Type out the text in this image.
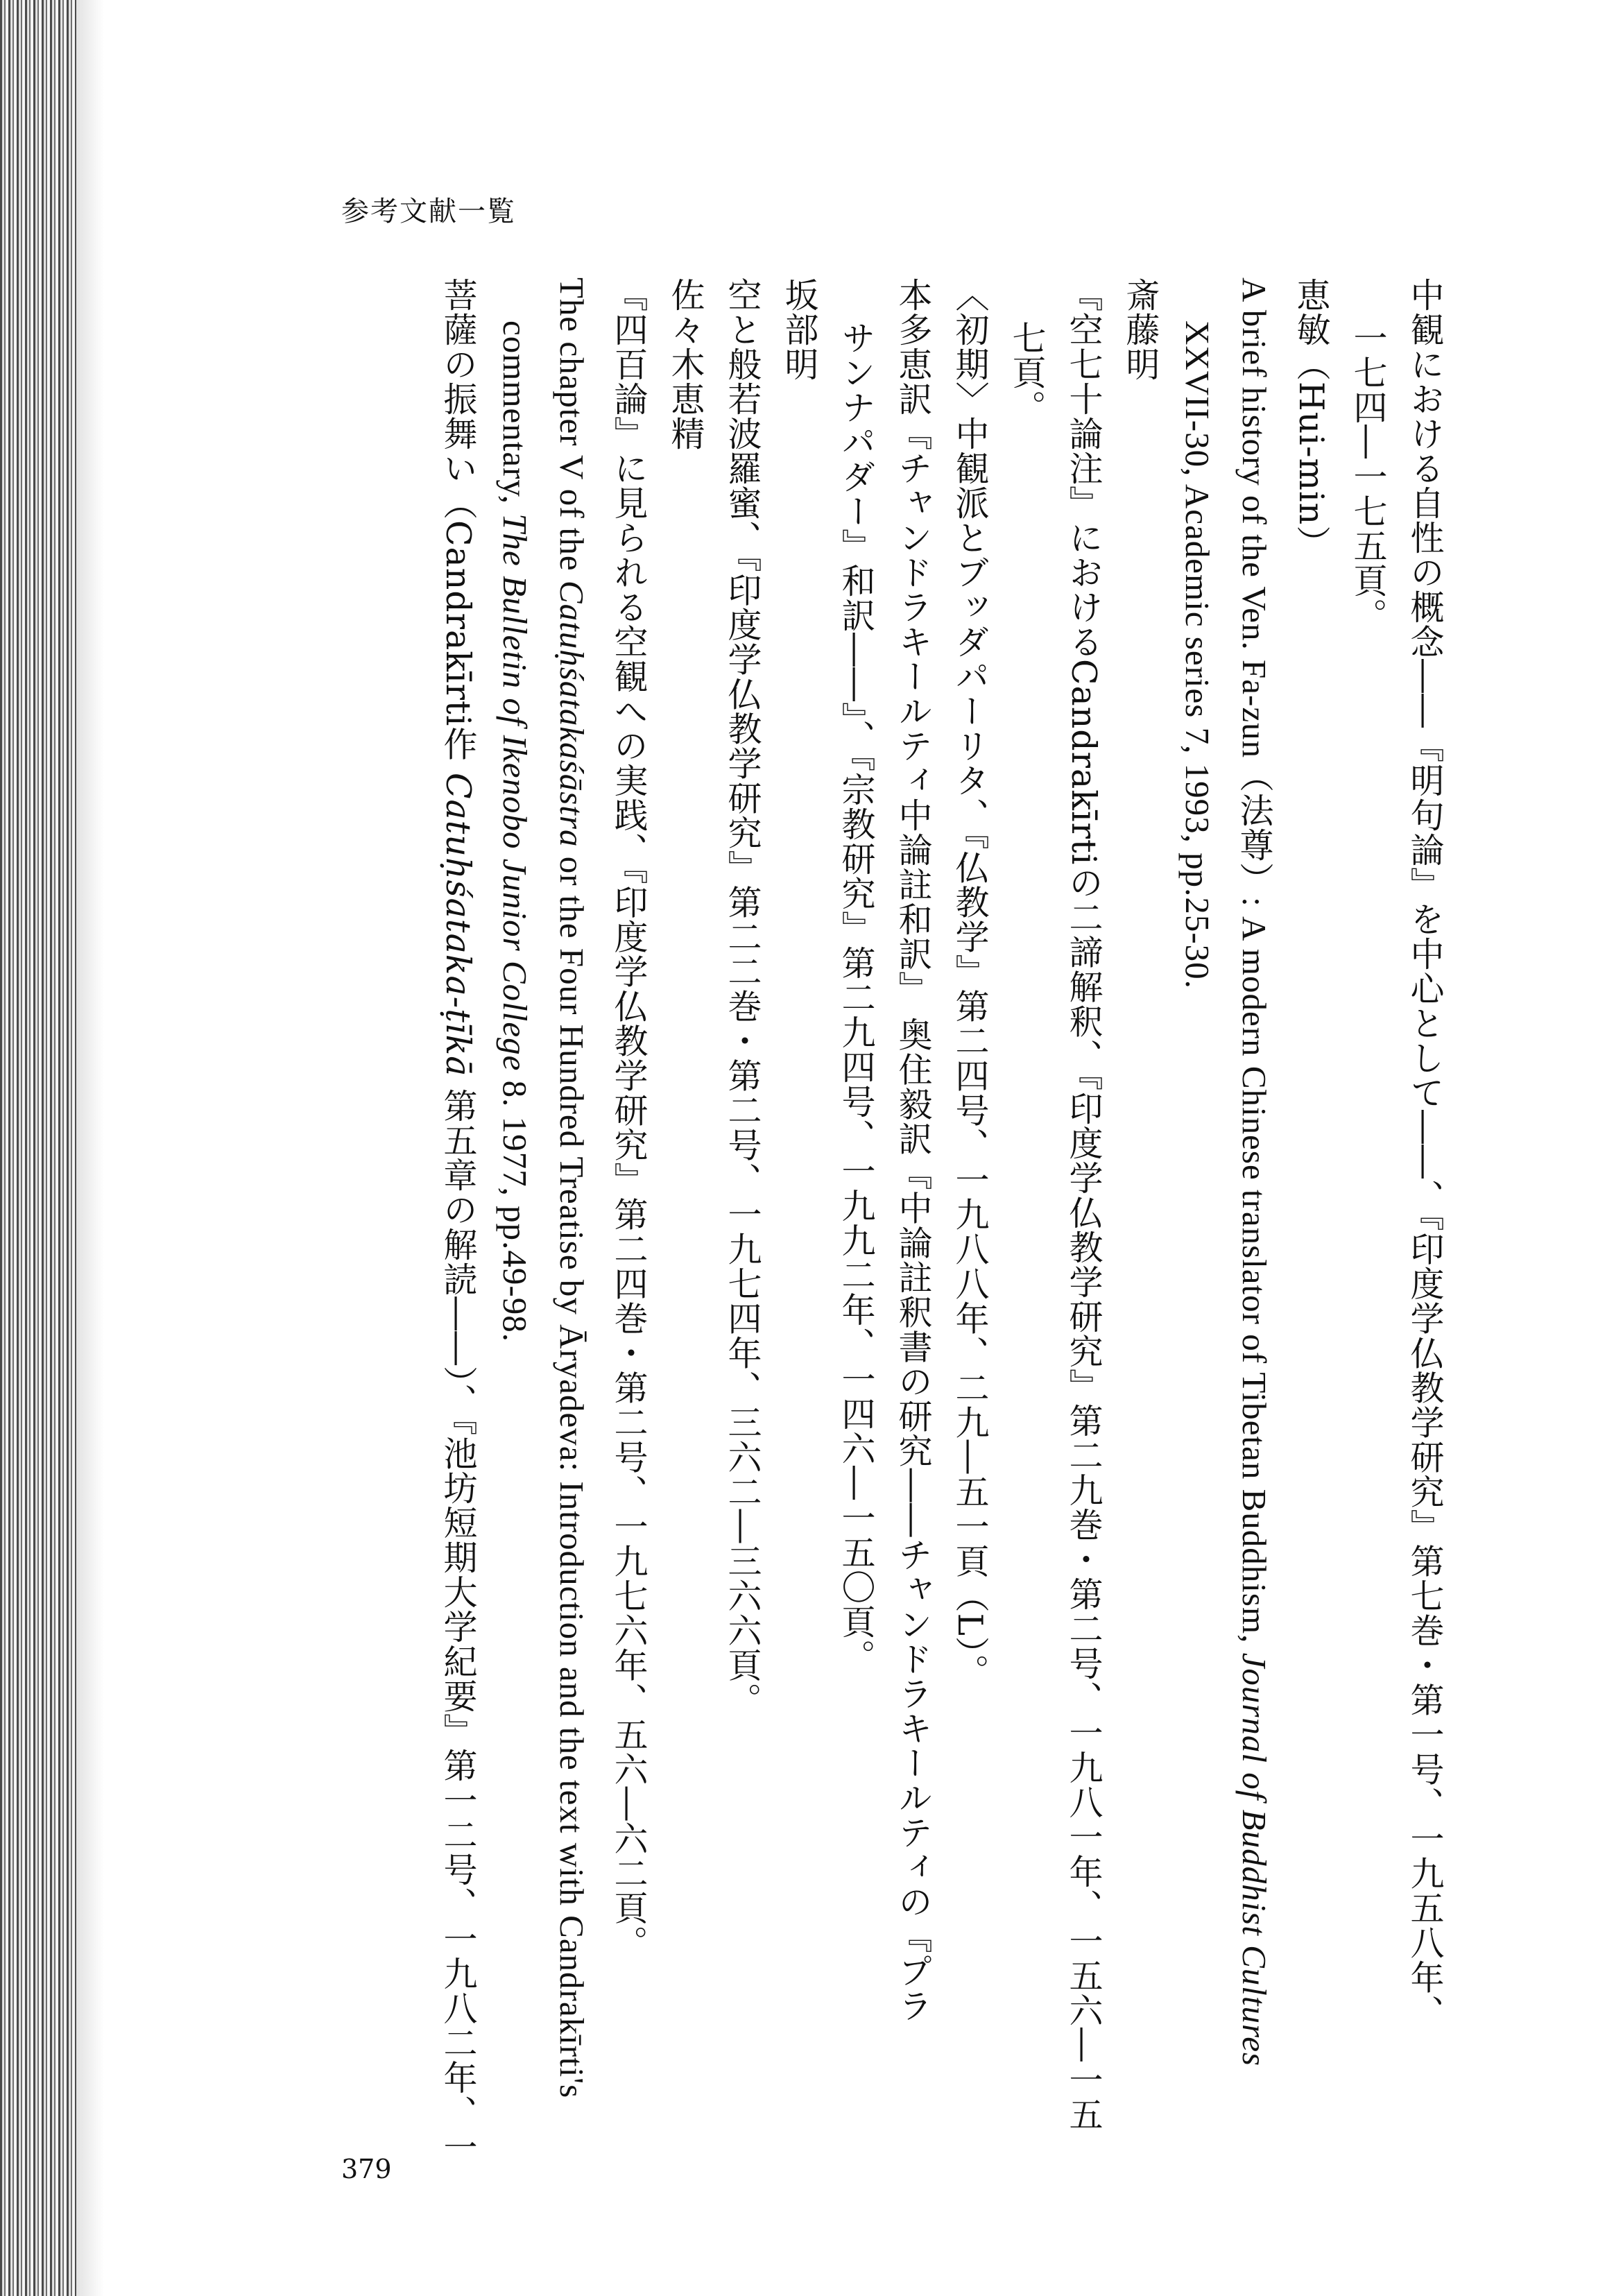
参考文献一覧
中観における自性の概念――『明句論』を中心として――、『印度学仏教学研究』第七巻・第一号、一九五八年、
一七四―一七五頁。
恵敏（Hui-min）
A brief history of the Ven. Fa-zun（法尊）: A modern Chinese translator of Tibetan Buddhism, Journal of Buddhist Cultures
XXVII-30, Academic series 7, 1993, pp.25-30.
斎藤明
『空七十論注』におけるCandrakīrtiの二諦解釈、『印度学仏教学研究』第二九巻・第二号、一九八一年、一五六―一五
七頁。
〈初期〉中観派とブッダパーリタ、『仏教学』第二四号、一九八八年、二九―五一頁（L）。
本多恵訳『チャンドラキールティ中論註和訳』 奥住毅訳『中論註釈書の研究――チャンドラキールティの『プラ
サンナパダー』和訳――』、『宗教研究』第二九四号、一九九二年、一四六―一五〇頁。
坂部明
空と般若波羅蜜、『印度学仏教学研究』第二二巻・第二号、一九七四年、三六二―三六六頁。
佐々木恵精
『四百論』に見られる空観への実践、『印度学仏教学研究』第二四巻・第二号、一九七六年、五六―六二頁。
The chapter V of the Catuḥśatakaśāstra or the Four Hundred Treatise by Āryadeva: Introduction and the text with Candrakīrti's
commentary, The Bulletin of Ikenobo Junior College 8. 1977, pp.49-98.
菩薩の振舞い（Candrakīrti作 Catuḥśataka-ṭīkā 第五章の解読――）、『池坊短期大学紀要』第一二号、一九八二年、一
379
